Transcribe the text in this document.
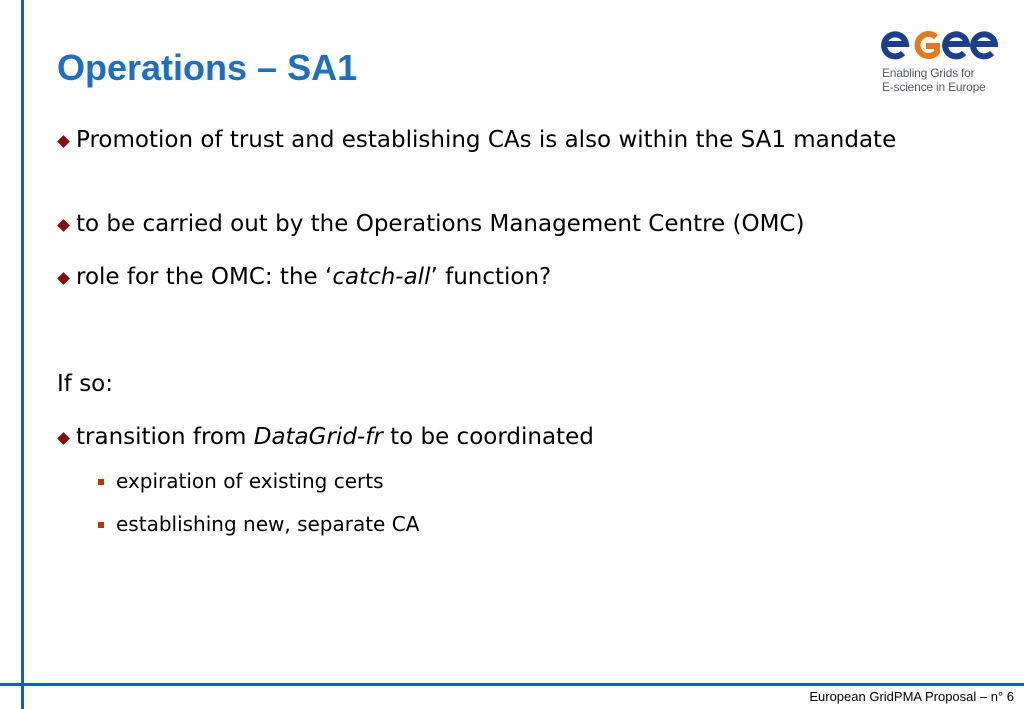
Operations – SA1	Enabling Grids for
E-science in Europe
Promotion of trust and establishing CAs is also within the SA1 mandate
to be carried out by the Operations Management Centre (OMC)
role for the OMC: the ‘catch-all’ function?
If so:
transition from DataGrid-fr to be coordinated
expiration of existing certs
establishing new, separate CA
European GridPMA Proposal – n° 6
